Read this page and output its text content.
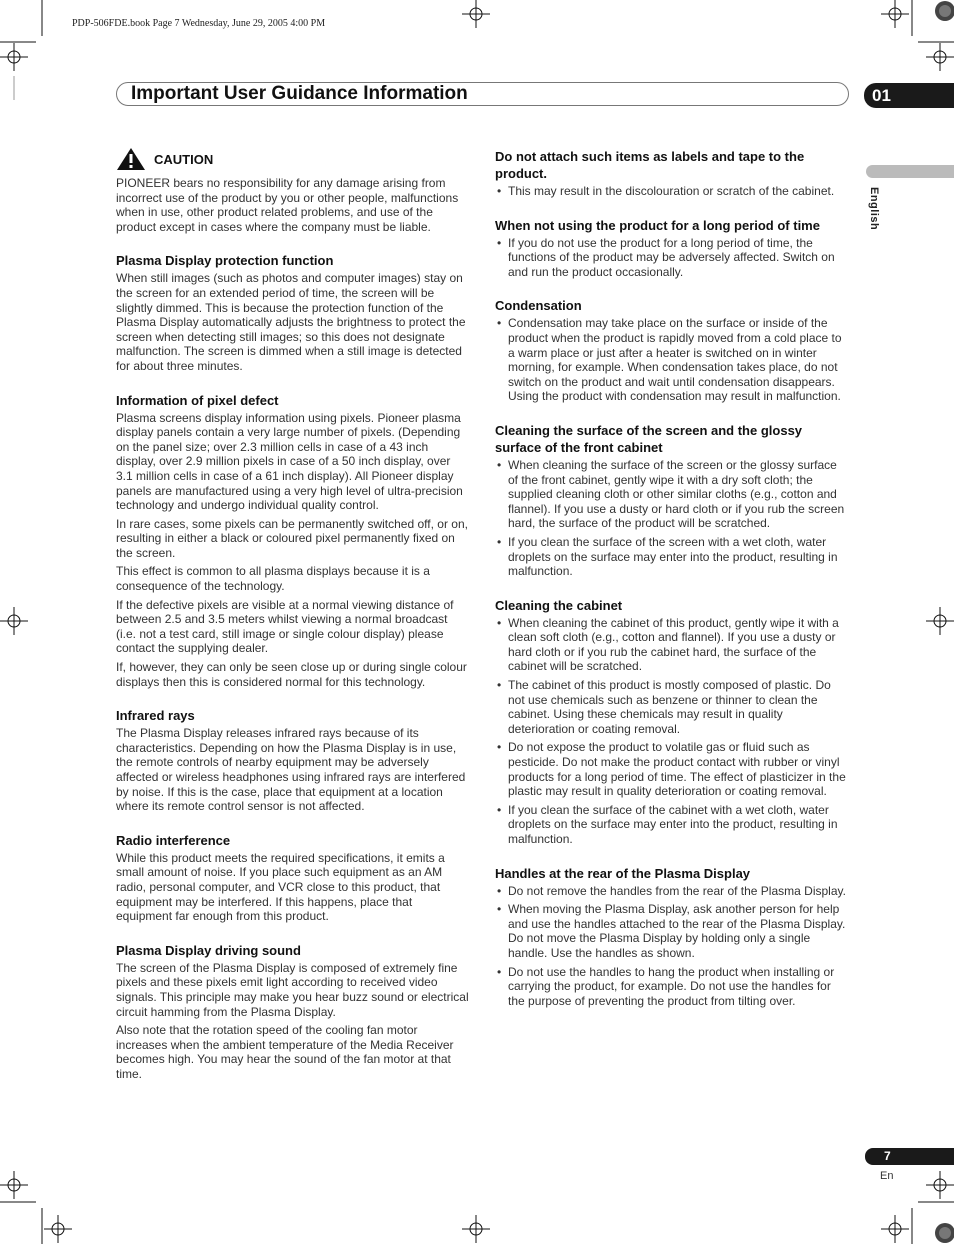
PDP-506FDE.book Page 7 Wednesday, June 29, 2005 4:00 PM
Important User Guidance Information	01
English
CAUTION

PIONEER bears no responsibility for any damage arising from incorrect use of the product by you or other people, malfunctions when in use, other product related problems, and use of the product except in cases where the company must be liable.

Plasma Display protection function

When still images (such as photos and computer images) stay on the screen for an extended period of time, the screen will be slightly dimmed. This is because the protection function of the Plasma Display automatically adjusts the brightness to protect the screen when detecting still images; so this does not designate malfunction. The screen is dimmed when a still image is detected for about three minutes.

Information of pixel defect

Plasma screens display information using pixels. Pioneer plasma display panels contain a very large number of pixels. (Depending on the panel size; over 2.3 million cells in case of a 43 inch display, over 2.9 million pixels in case of a 50 inch display, over 3.1 million cells in case of a 61 inch display). All Pioneer display panels are manufactured using a very high level of ultra-precision technology and undergo individual quality control.

In rare cases, some pixels can be permanently switched off, or on, resulting in either a black or coloured pixel permanently fixed on the screen.

This effect is common to all plasma displays because it is a consequence of the technology.

If the defective pixels are visible at a normal viewing distance of between 2.5 and 3.5 meters whilst viewing a normal broadcast (i.e. not a test card, still image or single colour display) please contact the supplying dealer.

If, however, they can only be seen close up or during single colour displays then this is considered normal for this technology.

Infrared rays

The Plasma Display releases infrared rays because of its characteristics. Depending on how the Plasma Display is in use, the remote controls of nearby equipment may be adversely affected or wireless headphones using infrared rays are interfered by noise. If this is the case, place that equipment at a location where its remote control sensor is not affected.

Radio interference

While this product meets the required specifications, it emits a small amount of noise. If you place such equipment as an AM radio, personal computer, and VCR close to this product, that equipment may be interfered. If this happens, place that equipment far enough from this product.

Plasma Display driving sound

The screen of the Plasma Display is composed of extremely fine pixels and these pixels emit light according to received video signals. This principle may make you hear buzz sound or electrical circuit hamming from the Plasma Display.

Also note that the rotation speed of the cooling fan motor increases when the ambient temperature of the Media Receiver becomes high. You may hear the sound of the fan motor at that time.

Do not attach such items as labels and tape to the product.
• This may result in the discolouration or scratch of the cabinet.
When not using the product for a long period of time
• If you do not use the product for a long period of time, the functions of the product may be adversely affected. Switch on and run the product occasionally.
Condensation
• Condensation may take place on the surface or inside of the product when the product is rapidly moved from a cold place to a warm place or just after a heater is switched on in winter morning, for example. When condensation takes place, do not switch on the product and wait until condensation disappears. Using the product with condensation may result in malfunction.
Cleaning the surface of the screen and the glossy surface of the front cabinet
• When cleaning the surface of the screen or the glossy surface of the front cabinet, gently wipe it with a dry soft cloth; the supplied cleaning cloth or other similar cloths (e.g., cotton and flannel). If you use a dusty or hard cloth or if you rub the screen hard, the surface of the product will be scratched.
• If you clean the surface of the screen with a wet cloth, water droplets on the surface may enter into the product, resulting in malfunction.
Cleaning the cabinet
• When cleaning the cabinet of this product, gently wipe it with a clean soft cloth (e.g., cotton and flannel). If you use a dusty or hard cloth or if you rub the cabinet hard, the surface of the cabinet will be scratched.
• The cabinet of this product is mostly composed of plastic. Do not use chemicals such as benzene or thinner to clean the cabinet. Using these chemicals may result in quality deterioration or coating removal.
• Do not expose the product to volatile gas or fluid such as pesticide. Do not make the product contact with rubber or vinyl products for a long period of time. The effect of plasticizer in the plastic may result in quality deterioration or coating removal.
• If you clean the surface of the cabinet with a wet cloth, water droplets on the surface may enter into the product, resulting in malfunction.
Handles at the rear of the Plasma Display
• Do not remove the handles from the rear of the Plasma Display.
• When moving the Plasma Display, ask another person for help and use the handles attached to the rear of the Plasma Display. Do not move the Plasma Display by holding only a single handle. Use the handles as shown.
• Do not use the handles to hang the product when installing or carrying the product, for example. Do not use the handles for the purpose of preventing the product from tilting over.
7
En
